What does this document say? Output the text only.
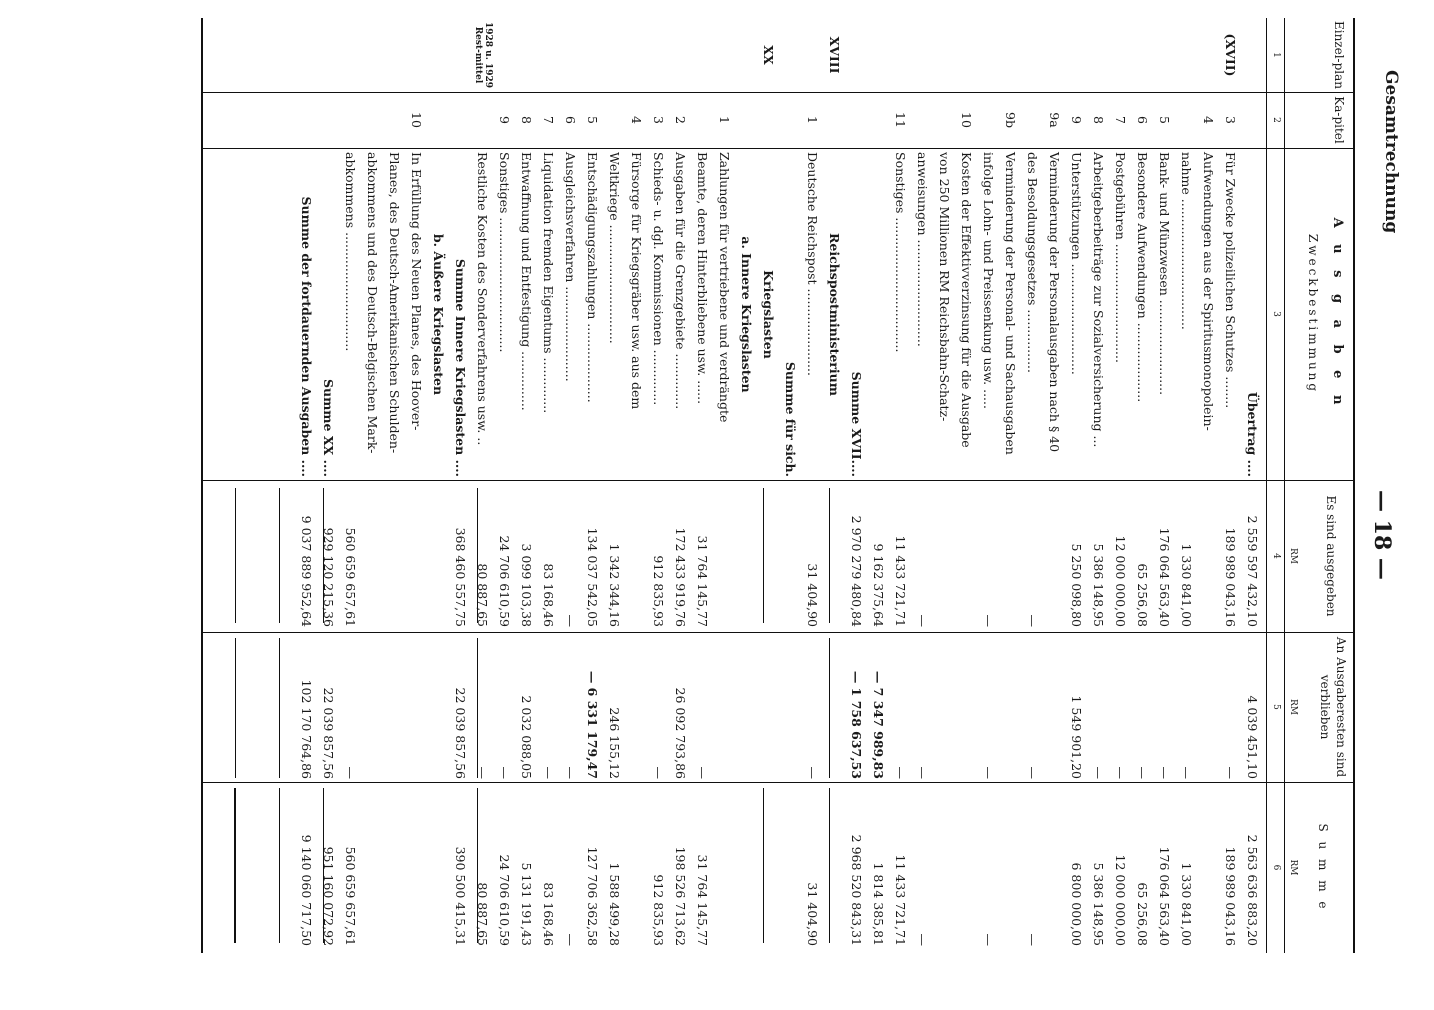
Gesamtrechnung
— 18 —
Einzel-plan
Ka-pitel
A u s g a b e n
Zweckbestimmung
Es sind ausgegeben
An Ausgaberesten sind verblieben
S u m m e
RM
RM
RM
1
2
3
4
5
6
Übertrag ....
2 559 597 432,10
4 039 451,10
2 563 636 883,20
(XVII)
3
Für Zwecke polizeilichen Schutzes ........
189 989 043,16
—
189 989 043,16
4
Aufwendungen aus der Spiritusmonopolein-
nahme .................................
1 330 841,00
—
1 330 841,00
5
Bank- und Münzwesen ........................
176 064 563,40
—
176 064 563,40
6
Besondere Aufwendungen ....................
65 256,08
—
65 256,08
7
Postgebühren ..............................
12 000 000,00
—
12 000 000,00
8
Arbeitgeberbeiträge zur Sozialversicherung ...
5 386 148,95
—
5 386 148,95
9
Unterstützungen ............................
5 250 098,80
1 549 901,20
6 800 000,00
9a
Verminderung der Personalausgaben nach § 40
des Besoldungsgesetzes ................
—
—
—
9b
Verminderung der Personal- und Sachausgaben
infolge Lohn- und Preissenkung usw. .....
—
—
—
10
Kosten der Effektivverzinsung für die Ausgabe
von 250 Millionen RM Reichsbahn-Schatz-
anweisungen ...........................
—
—
—
11
Sonstiges ..................................
11 433 721,71
—
11 433 721,71
9 162 375,64
— 7 347 989,83
1 814 385,81
Summe XVII....
2 970 279 480,84
— 1 758 637,53
2 968 520 843,31
XVIII
Reichspostministerium
1
Deutsche Reichspost ......................
31 404,90
—
31 404,90
Summe für sich.
XX
Kriegslasten
a. Innere Kriegslasten
1
Zahlungen für vertriebene und verdrängte
Beamte, deren Hinterbliebene usw. ......
31 764 145,77
—
31 764 145,77
2
Ausgaben für die Grenzgebiete ..............
172 433 919,76
26 092 793,86
198 526 713,62
3
Schieds- u. dgl. Kommissionen ..............
912 835,93
—
912 835,93
4
Fürsorge für Kriegsgräber usw. aus dem
Weltkriege ..............................
1 342 344,16
246 155,12
1 588 499,28
5
Entschädigungszahlungen ....................
134 037 542,05
— 6 331 179,47
127 706 362,58
6
Ausgleichsverfahren ........................
—
—
—
7
Liquidation fremden Eigentums ..............
83 168,46
—
83 168,46
8
Entwaffnung und Entfestigung ...............
3 099 103,38
2 032 088,05
5 131 191,43
9
Sonstiges ..................................
24 706 610,59
—
24 706 610,59
1928 u. 1929 Rest-mittel
Restliche Kosten des Sonderverfahrens usw. ..
80 887,65
—
80 887,65
Summe Innere Kriegslasten ....
368 460 557,75
22 039 857,56
390 500 415,31
b. Äußere Kriegslasten
10
In Erfüllung des Neuen Planes, des Hoover-
Planes, des Deutsch-Amerikanischen Schulden-
abkommens und des Deutsch-Belgischen Mark-
abkommens ..............................
560 659 657,61
—
560 659 657,61
Summe XX ....
929 120 215,36
22 039 857,56
951 160 072,92
Summe der fortdauernden Ausgaben ....
9 037 889 952,64
102 170 764,86
9 140 060 717,50
